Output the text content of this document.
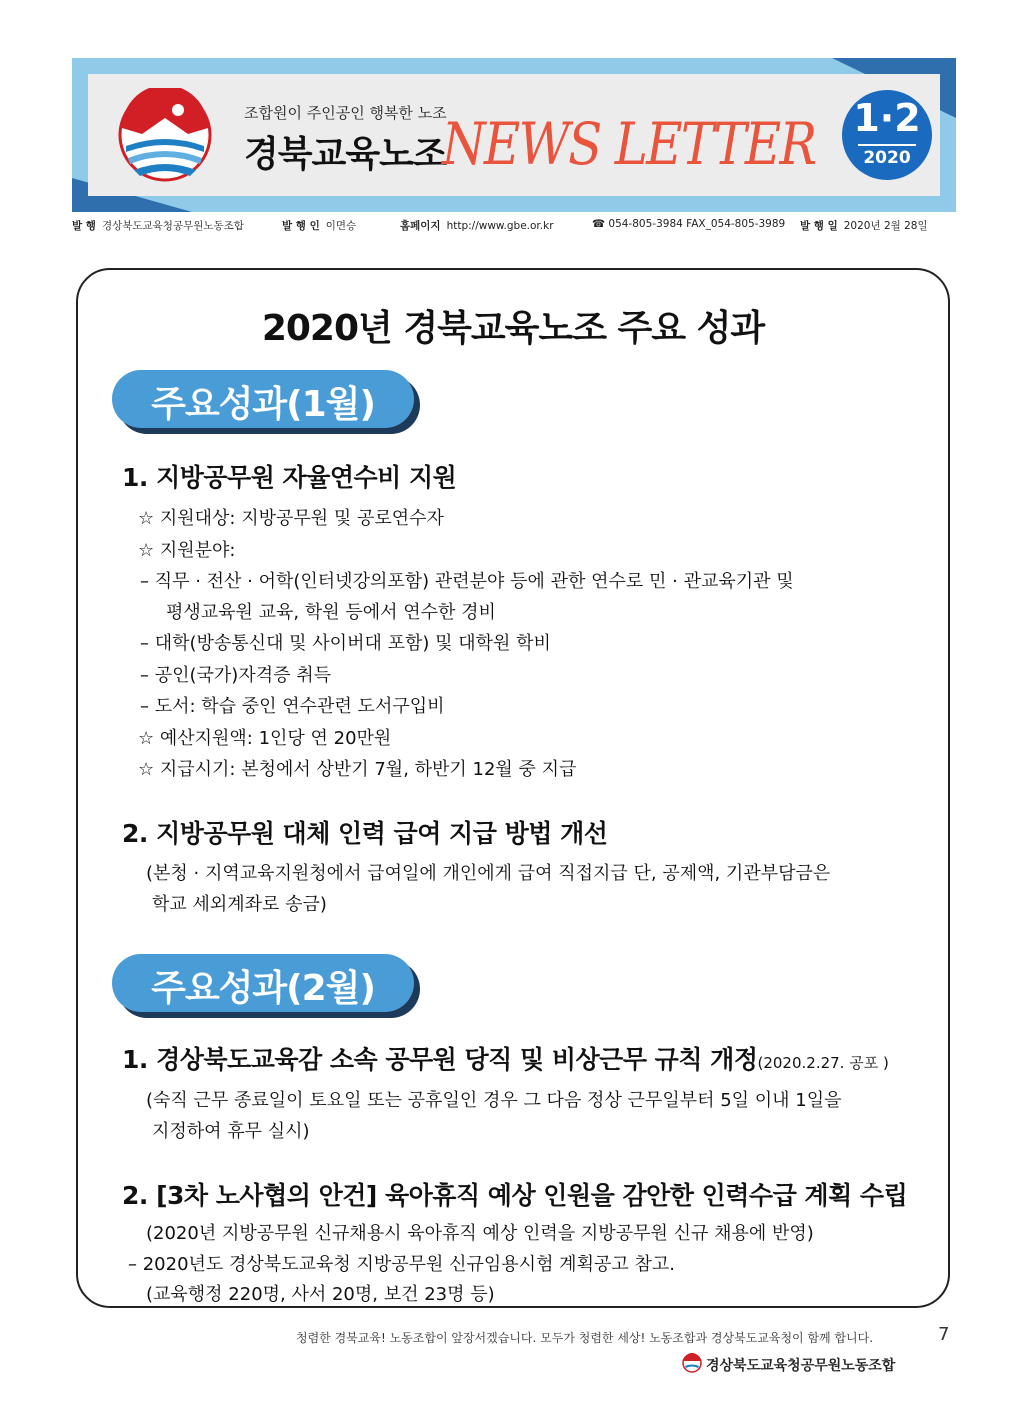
조합원이 주인공인 행복한 노조
경북교육노조
NEWS LETTER 1·2
2020
발 행 경상북도교육청공무원노동조합	발 행 인 이면승	홈페이지 http://www.gbe.or.kr	☎ 054-805-3984 FAX_054-805-3989 발 행 일 2020년 2월 28일
2020년 경북교육노조 주요 성과
주요성과(1월)
1. 지방공무원 자율연수비 지원
☆ 지원대상: 지방공무원 및 공로연수자
☆ 지원분야:
– 직무 · 전산 · 어학(인터넷강의포함) 관련분야 등에 관한 연수로 민 · 관교육기관 및
평생교육원 교육, 학원 등에서 연수한 경비
– 대학(방송통신대 및 사이버대 포함) 및 대학원 학비
– 공인(국가)자격증 취득
– 도서: 학습 중인 연수관련 도서구입비
☆ 예산지원액: 1인당 연 20만원
☆ 지급시기: 본청에서 상반기 7월, 하반기 12월 중 지급
2. 지방공무원 대체 인력 급여 지급 방법 개선
(본청 · 지역교육지원청에서 급여일에 개인에게 급여 직접지급 단, 공제액, 기관부담금은
학교 세외계좌로 송금)
주요성과(2월)
1. 경상북도교육감 소속 공무원 당직 및 비상근무 규칙 개정(2020.2.27. 공포 )
(숙직 근무 종료일이 토요일 또는 공휴일인 경우 그 다음 정상 근무일부터 5일 이내 1일을
지정하여 휴무 실시)
2. [3차 노사협의 안건] 육아휴직 예상 인원을 감안한 인력수급 계획 수립
(2020년 지방공무원 신규채용시 육아휴직 예상 인력을 지방공무원 신규 채용에 반영)
– 2020년도 경상북도교육청 지방공무원 신규임용시험 계획공고 참고.
(교육행정 220명, 사서 20명, 보건 23명 등)
청렴한 경북교육! 노동조합이 앞장서겠습니다. 모두가 청렴한 세상! 노동조합과 경상북도교육청이 함께 합니다.	7
경상북도교육청공무원노동조합
